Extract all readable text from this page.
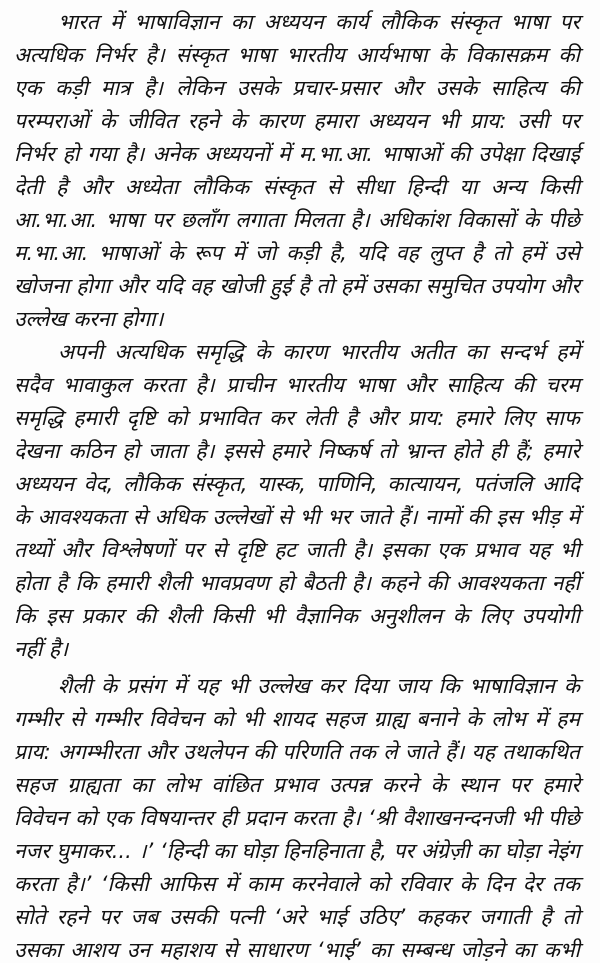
भारत में भाषाविज्ञान का अध्ययन कार्य लौकिक संस्कृत भाषा पर
अत्यधिक निर्भर है। संस्कृत भाषा भारतीय आर्यभाषा के विकासक्रम की
एक कड़ी मात्र है। लेकिन उसके प्रचार-प्रसार और उसके साहित्य की
परम्पराओं के जीवित रहने के कारण हमारा अध्ययन भी प्राय: उसी पर
निर्भर हो गया है। अनेक अध्ययनों में म.भा.आ. भाषाओं की उपेक्षा दिखाई
देती है और अध्येता लौकिक संस्कृत से सीधा हिन्दी या अन्य किसी
आ.भा.आ. भाषा पर छलाँग लगाता मिलता है। अधिकांश विकासों के पीछे
म.भा.आ. भाषाओं के रूप में जो कड़ी है, यदि वह लुप्त है तो हमें उसे
खोजना होगा और यदि वह खोजी हुई है तो हमें उसका समुचित उपयोग और
उल्लेख करना होगा।
अपनी अत्यधिक समृद्धि के कारण भारतीय अतीत का सन्दर्भ हमें
सदैव भावाकुल करता है। प्राचीन भारतीय भाषा और साहित्य की चरम
समृद्धि हमारी दृष्टि को प्रभावित कर लेती है और प्राय: हमारे लिए साफ
देखना कठिन हो जाता है। इससे हमारे निष्कर्ष तो भ्रान्त होते ही हैं; हमारे
अध्ययन वेद, लौकिक संस्कृत, यास्क, पाणिनि, कात्यायन, पतंजलि आदि
के आवश्यकता से अधिक उल्लेखों से भी भर जाते हैं। नामों की इस भीड़ में
तथ्यों और विश्लेषणों पर से दृष्टि हट जाती है। इसका एक प्रभाव यह भी
होता है कि हमारी शैली भावप्रवण हो बैठती है। कहने की आवश्यकता नहीं
कि इस प्रकार की शैली किसी भी वैज्ञानिक अनुशीलन के लिए उपयोगी
नहीं है।
शैली के प्रसंग में यह भी उल्लेख कर दिया जाय कि भाषाविज्ञान के
गम्भीर से गम्भीर विवेचन को भी शायद सहज ग्राह्य बनाने के लोभ में हम
प्राय: अगम्भीरता और उथलेपन की परिणति तक ले जाते हैं। यह तथाकथित
सहज ग्राह्यता का लोभ वांछित प्रभाव उत्पन्न करने के स्थान पर हमारे
विवेचन को एक विषयान्तर ही प्रदान करता है। ‘श्री वैशाखनन्दनजी भी पीछे
नजर घुमाकर... ।’ ‘हिन्दी का घोड़ा हिनहिनाता है, पर अंग्रेज़ी का घोड़ा नेइंग
करता है।’ ‘किसी आफिस में काम करनेवाले को रविवार के दिन देर तक
सोते रहने पर जब उसकी पत्नी ‘अरे भाई उठिए’ कहकर जगाती है तो
उसका आशय उन महाशय से साधारण ‘भाई’ का सम्बन्ध जोड़ने का कभी
